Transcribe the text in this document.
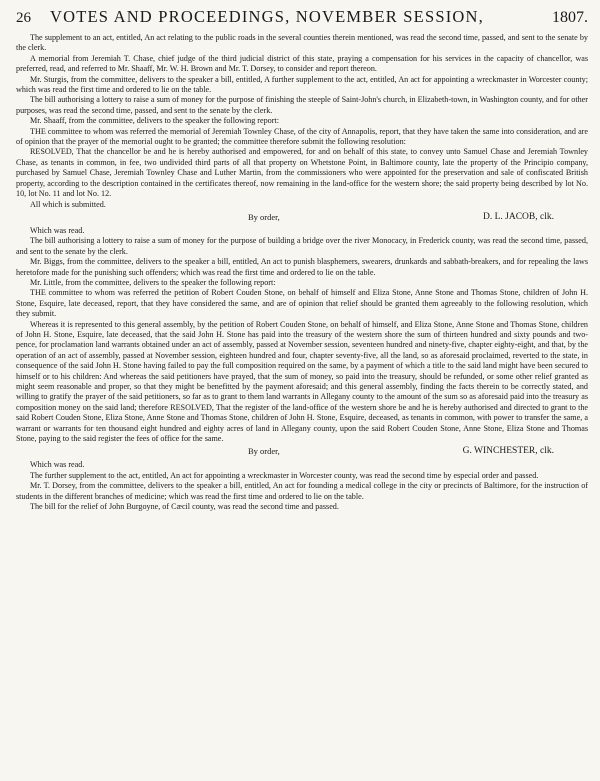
26	VOTES AND PROCEEDINGS, NOVEMBER SESSION,	1807.

The supplement to an act, entitled, An act relating to the public roads in the several counties therein mentioned, was read the second time, passed, and sent to the senate by the clerk.

A memorial from Jeremiah T. Chase, chief judge of the third judicial district of this state, praying a compensation for his services in the capacity of chancellor, was preferred, read, and referred to Mr. Shaaff, Mr. W. H. Brown and Mr. T. Dorsey, to consider and report thereon.

Mr. Sturgis, from the committee, delivers to the speaker a bill, entitled, A further supplement to the act, entitled, An act for appointing a wreckmaster in Worcester county; which was read the first time and ordered to lie on the table.

The bill authorising a lottery to raise a sum of money for the purpose of finishing the steeple of Saint-John's church, in Elizabeth-town, in Washington county, and for other purposes, was read the second time, passed, and sent to the senate by the clerk.

Mr. Shaaff, from the committee, delivers to the speaker the following report:

THE committee to whom was referred the memorial of Jeremiah Townley Chase, of the city of Annapolis, report, that they have taken the same into consideration, and are of opinion that the prayer of the memorial ought to be granted; the committee therefore submit the following resolution:

RESOLVED, That the chancellor be and he is hereby authorised and empowered, for and on behalf of this state, to convey unto Samuel Chase and Jeremiah Townley Chase, as tenants in common, in fee, two undivided third parts of all that property on Whetstone Point, in Baltimore county, late the property of the Principio company, purchased by Samuel Chase, Jeremiah Townley Chase and Luther Martin, from the commissioners who were appointed for the preservation and sale of confiscated British property, according to the description contained in the certificates thereof, now remaining in the land-office for the western shore; the said property being described by lot No. 10, lot No. 11 and lot No. 12.

All which is submitted.

By order,	D. L. JACOB, clk.

Which was read.

The bill authorising a lottery to raise a sum of money for the purpose of building a bridge over the river Monocacy, in Frederick county, was read the second time, passed, and sent to the senate by the clerk.

Mr. Biggs, from the committee, delivers to the speaker a bill, entitled, An act to punish blasphemers, swearers, drunkards and sabbath-breakers, and for repealing the laws heretofore made for the punishing such offenders; which was read the first time and ordered to lie on the table.

Mr. Little, from the committee, delivers to the speaker the following report:

THE committee to whom was referred the petition of Robert Couden Stone, on behalf of himself and Eliza Stone, Anne Stone and Thomas Stone, children of John H. Stone, Esquire, late deceased, report, that they have considered the same, and are of opinion that relief should be granted them agreeably to the following resolution, which they submit.

Whereas it is represented to this general assembly, by the petition of Robert Couden Stone, on behalf of himself, and Eliza Stone, Anne Stone and Thomas Stone, children of John H. Stone, Esquire, late deceased, that the said John H. Stone has paid into the treasury of the western shore the sum of thirteen hundred and sixty pounds and two-pence, for proclamation land warrants obtained under an act of assembly, passed at November session, seventeen hundred and ninety-five, chapter eighty-eight, and that, by the operation of an act of assembly, passed at November session, eighteen hundred and four, chapter seventy-five, all the land, so as aforesaid proclaimed, reverted to the state, in consequence of the said John H. Stone having failed to pay the full composition required on the same, by a payment of which a title to the said land might have been secured to himself or to his children: And whereas the said petitioners have prayed, that the sum of money, so paid into the treasury, should be refunded, or some other relief granted as might seem reasonable and proper, so that they might be benefitted by the payment aforesaid; and this general assembly, finding the facts therein to be correctly stated, and willing to gratify the prayer of the said petitioners, so far as to grant to them land warrants in Allegany county to the amount of the sum so as aforesaid paid into the treasury as composition money on the said land; therefore RESOLVED, That the register of the land-office of the western shore be and he is hereby authorised and directed to grant to the said Robert Couden Stone, Eliza Stone, Anne Stone and Thomas Stone, children of John H. Stone, Esquire, deceased, as tenants in common, with power to transfer the same, a warrant or warrants for ten thousand eight hundred and eighty acres of land in Allegany county, upon the said Robert Couden Stone, Anne Stone, Eliza Stone and Thomas Stone, paying to the said register the fees of office for the same.

By order,	G. WINCHESTER, clk.

Which was read.

The further supplement to the act, entitled, An act for appointing a wreckmaster in Worcester county, was read the second time by especial order and passed.

Mr. T. Dorsey, from the committee, delivers to the speaker a bill, entitled, An act for founding a medical college in the city or precincts of Baltimore, for the instruction of students in the different branches of medicine; which was read the first time and ordered to lie on the table.

The bill for the relief of John Burgoyne, of Cæcil county, was read the second time and passed.
